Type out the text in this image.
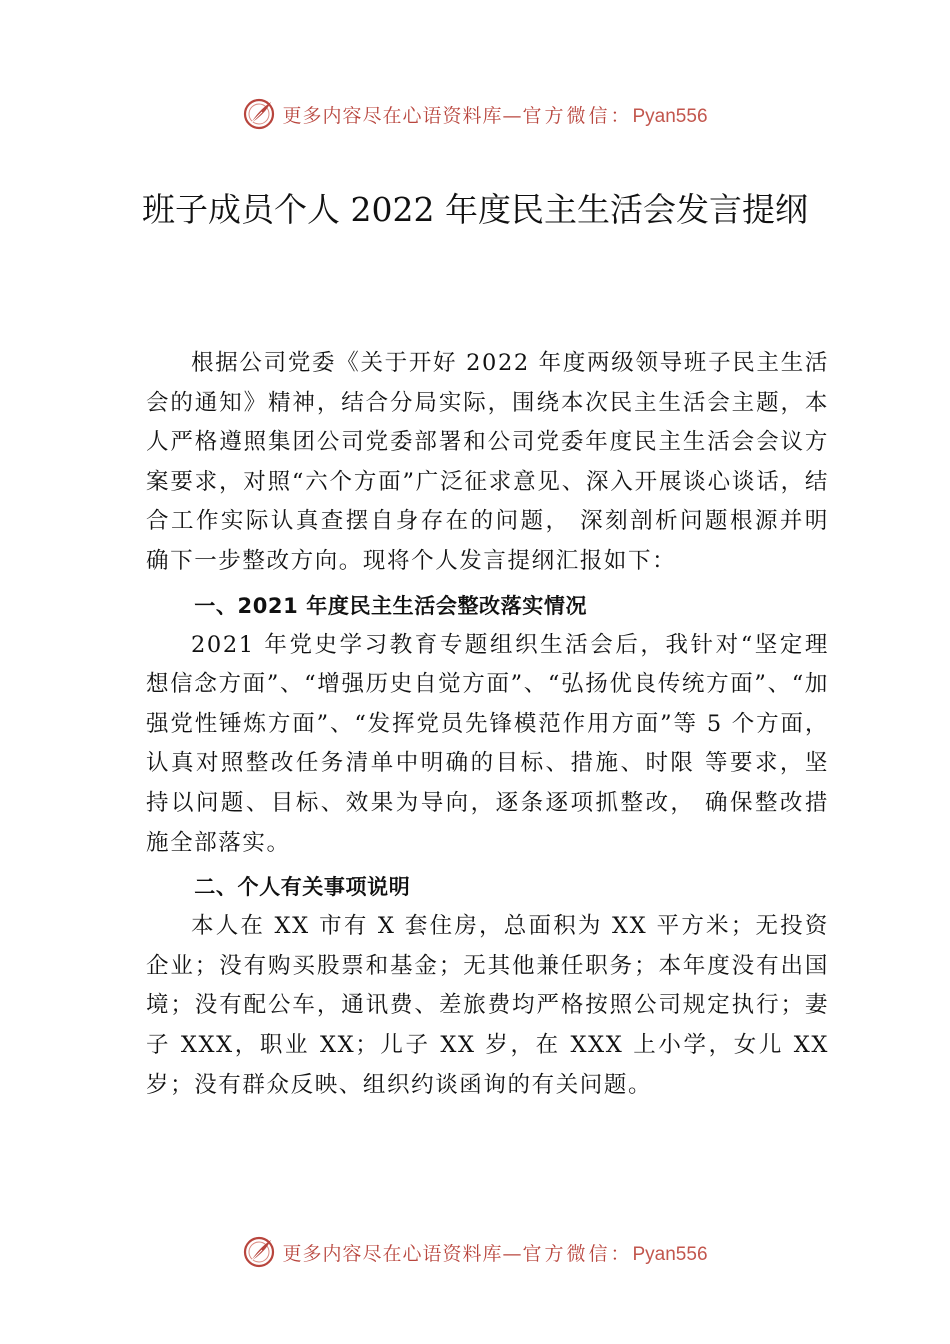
更多内容尽在心语资料库—官方微信：Pyan556
班子成员个人 2022 年度民主生活会发言提纲

根据公司党委《关于开好 2022 年度两级领导班子民主生活会的通知》精神，结合分局实际，围绕本次民主生活会主题，本人严格遵照集团公司党委部署和公司党委年度民主生活会会议方案要求，对照“六个方面”广泛征求意见、深入开展谈心谈话，结合工作实际认真查摆自身存在的问题， 深刻剖析问题根源并明确下一步整改方向。现将个人发言提纲汇报如下：

一、2021 年度民主生活会整改落实情况

2021 年党史学习教育专题组织生活会后，我针对“坚定理想信念方面”、“增强历史自觉方面”、“弘扬优良传统方面”、“加强党性锤炼方面”、“发挥党员先锋模范作用方面”等 5 个方面，认真对照整改任务清单中明确的目标、措施、时限 等要求，坚持以问题、目标、效果为导向，逐条逐项抓整改， 确保整改措施全部落实。

二、个人有关事项说明

本人在 XX 市有 X 套住房，总面积为 XX 平方米；无投资企业；没有购买股票和基金；无其他兼任职务；本年度没有出国境；没有配公车，通讯费、差旅费均严格按照公司规定执行；妻子 XXX，职业 XX；儿子 XX 岁，在 XXX 上小学，女儿 XX 岁；没有群众反映、组织约谈函询的有关问题。

更多内容尽在心语资料库—官方微信：Pyan556
